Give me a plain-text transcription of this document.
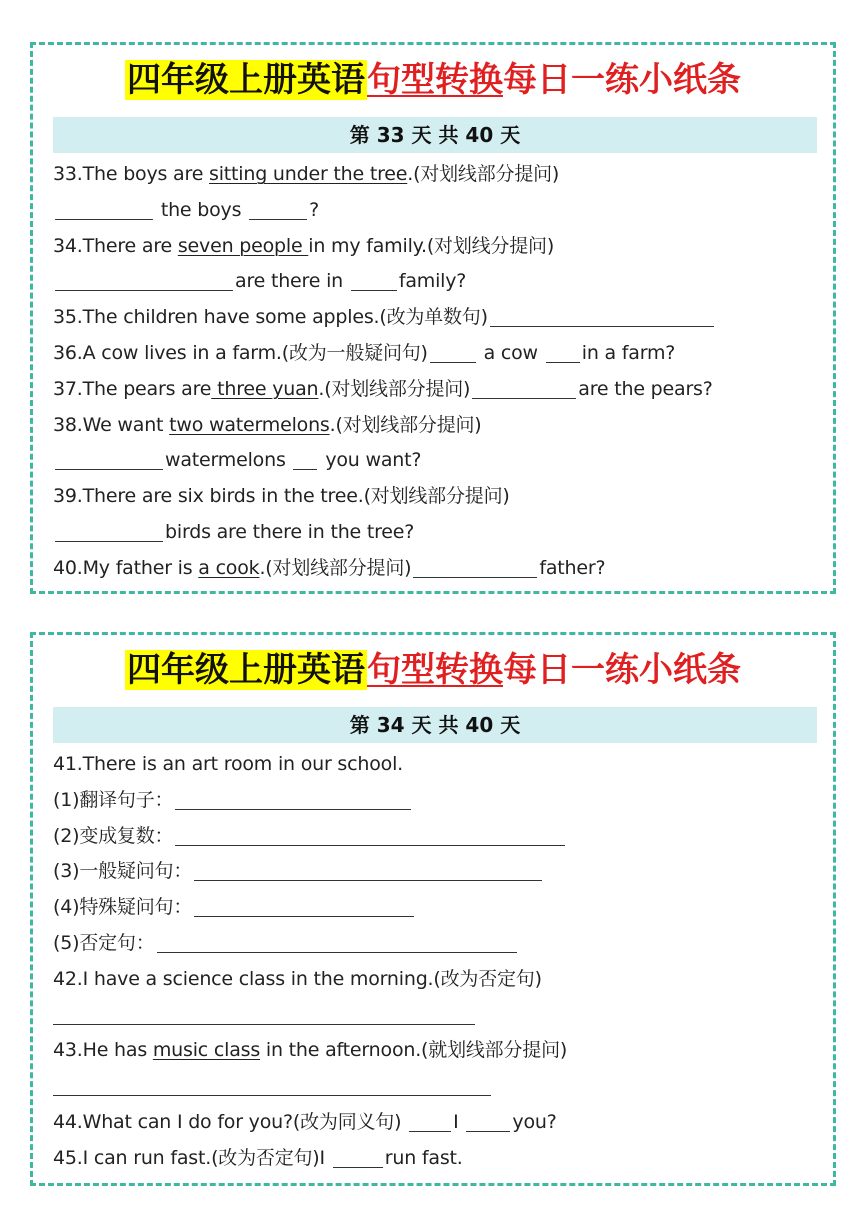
四年级上册英语句型转换每日一练小纸条
第 33 天 共 40 天
33.The boys are sitting under the tree.(对划线部分提问)
the boys	?
34.There are seven people in my family.(对划线分提问)
are there in	family?
35.The children have some apples.(改为单数句)
36.A cow lives in a farm.(改为一般疑问句)	a cow in a farm?
37.The pears are three yuan.(对划线部分提问)	are the pears?
38.We want two watermelons.(对划线部分提问)
watermelons  you want?
39.There are six birds in the tree.(对划线部分提问)
birds are there in the tree?
40.My father is a cook.(对划线部分提问)	father?
四年级上册英语句型转换每日一练小纸条
第 34 天 共 40 天
41.There is an art room in our school.
(1)翻译句子：
(2)变成复数：
(3)一般疑问句：
(4)特殊疑问句：
(5)否定句：
42.I have a science class in the morning.(改为否定句)
43.He has music class in the afternoon.(就划线部分提问)
44.What can I do for you?(改为同义句) I	you?
45.I can run fast.(改为否定句)I	run fast.
